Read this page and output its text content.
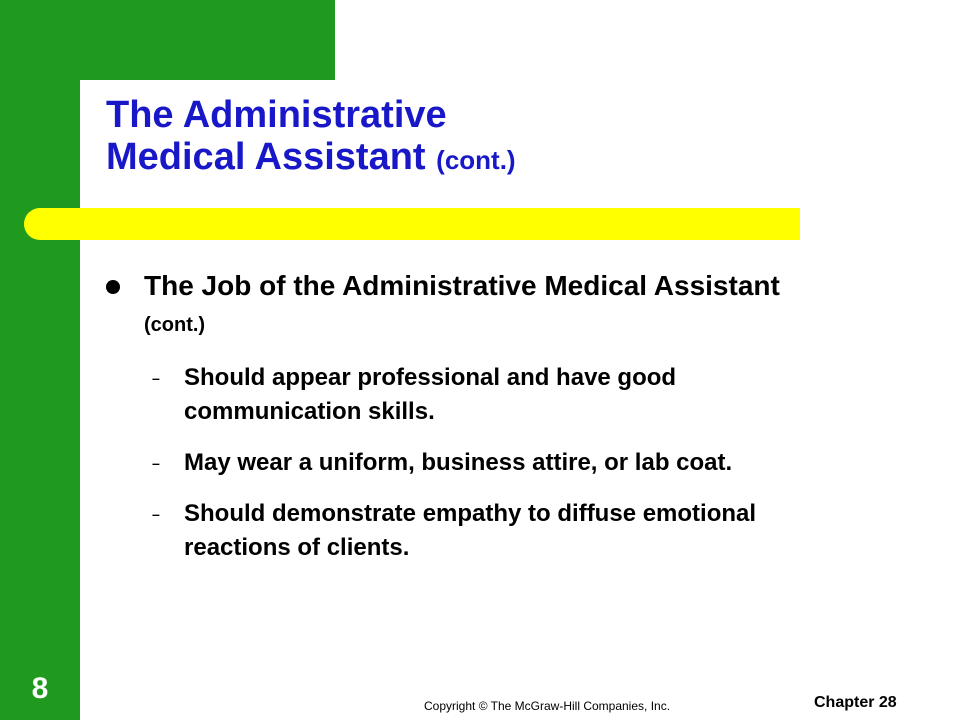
The Administrative
Medical Assistant (cont.)
The Job of the Administrative Medical Assistant (cont.)
– Should appear professional and have good communication skills.
– May wear a uniform, business attire, or lab coat.
– Should demonstrate empathy to diffuse emotional reactions of clients.
8
Copyright © The McGraw-Hill Companies, Inc.	Chapter 28
